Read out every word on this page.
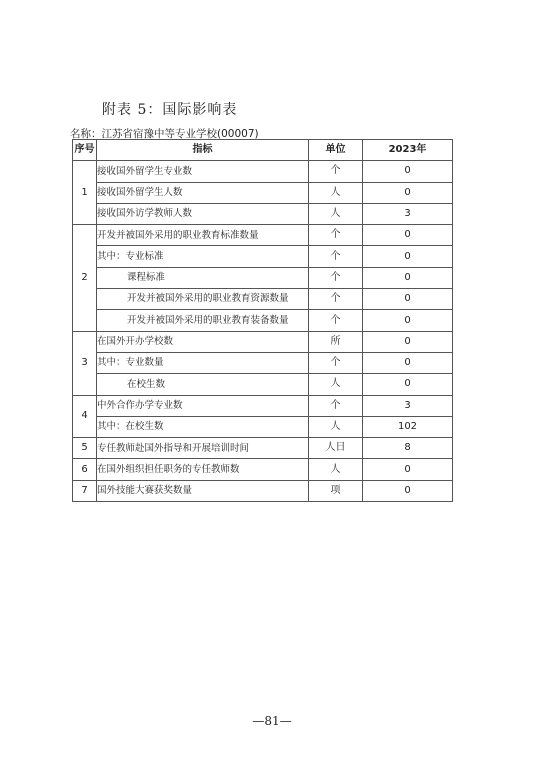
附表 5：国际影响表
名称：江苏省宿豫中等专业学校(00007)
序号	指标	单位	2023年
1	接收国外留学生专业数	个	0
	接收国外留学生人数	人	0
	接收国外访学教师人数	人	3
2	开发并被国外采用的职业教育标准数量	个	0
	其中：专业标准	个	0
	课程标准	个	0
	开发并被国外采用的职业教育资源数量	个	0
	开发并被国外采用的职业教育装备数量	个	0
3	在国外开办学校数	所	0
	其中：专业数量	个	0
	在校生数	人	0
4	中外合作办学专业数	个	3
	其中：在校生数	人	102
5	专任教师赴国外指导和开展培训时间	人日	8
6	在国外组织担任职务的专任教师数	人	0
7	国外技能大赛获奖数量	项	0
—81—
